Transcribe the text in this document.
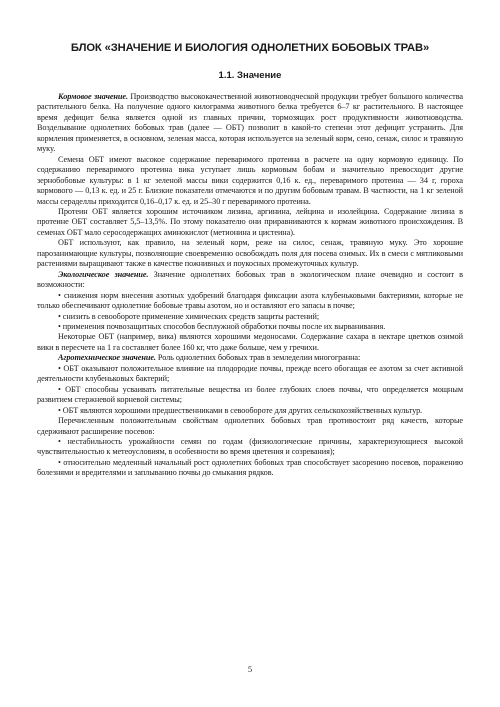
БЛОК «ЗНАЧЕНИЕ И БИОЛОГИЯ ОДНОЛЕТНИХ БОБОВЫХ ТРАВ»
1.1. Значение

Кормовое значение. Производство высококачественной животноводческой продукции требует большого количества растительного белка. На получение одного килограмма животного белка требуется 6–7 кг растительного. В настоящее время дефицит белка является одной из главных причин, тормозящих рост продуктивности животноводства. Возделывание однолетних бобовых трав (далее — ОБТ) позволит в какой-то степени этот дефицит устранить. Для кормления применяется, в основном, зеленая масса, которая используется на зеленый корм, сено, сенаж, силос и травяную муку.

Семена ОБТ имеют высокое содержание переваримого протеина в расчете на одну кормовую единицу. По содержанию переваримого протеина вика уступает лишь кормовым бобам и значительно превосходит другие зернобобовые культуры: в 1 кг зеленой массы вики содержится 0,16 к. ед., переваримого протеина — 34 г, гороха кормового — 0,13 к. ед. и 25 г. Близкие показатели отмечаются и по другим бобовым травам. В частности, на 1 кг зеленой массы сераделлы приходится 0,16–0,17 к. ед. и 25–30 г переваримого протеина.

Протеин ОБТ является хорошим источником лизина, аргинина, лейцина и изолейцина. Содержание лизина в протеине ОБТ составляет 5,5–13,5%. По этому показателю они приравниваются к кормам животного происхождения. В семенах ОБТ мало серосодержащих аминокислот (метионина и цистеина).

ОБТ используют, как правило, на зеленый корм, реже на силос, сенаж, травяную муку. Это хорошие парозанимающие культуры, позволяющие своевременно освобождать поля для посева озимых. Их в смеси с мятликовыми растениями выращивают также в качестве пожнивных и поукосных промежуточных культур.

Экологическое значение. Значение однолетних бобовых трав в экологическом плане очевидно и состоит в возможности:

• снижения норм внесения азотных удобрений благодаря фиксации азота клубеньковыми бактериями, которые не только обеспечивают однолетние бобовые травы азотом, но и оставляют его запасы в почве;

• снизить в севообороте применение химических средств защиты растений;

• применения почвозащитных способов бесплужной обработки почвы после их вырванивания.

Некоторые ОБТ (например, вика) являются хорошими медоносами. Содержание сахара в нектаре цветков озимой вики в пересчете на 1 га составляет более 160 кг, что даже больше, чем у гречихи.

Агротехническое значение. Роль однолетних бобовых трав в земледелии многогранна:

• ОБТ оказывают положительное влияние на плодородие почвы, прежде всего обогащая ее азотом за счет активной деятельности клубеньковых бактерий;

• ОБТ способны усваивать питательные вещества из более глубоких слоев почвы, что определяется мощным развитием стержневой корневой системы;

• ОБТ являются хорошими предшественниками в севообороте для других сельскохозяйственных культур.

Перечисленным положительным свойствам однолетних бобовых трав противостоит ряд качеств, которые сдерживают расширение посевов:

• нестабильность урожайности семян по годам (физиологические причины, характеризующиеся высокой чувствительностью к метеоусловиям, в особенности во время цветения и созревания);

• относительно медленный начальный рост однолетних бобовых трав способствует засорению посевов, поражению болезнями и вредителями и заплыванию почвы до смыкания рядков.

5
